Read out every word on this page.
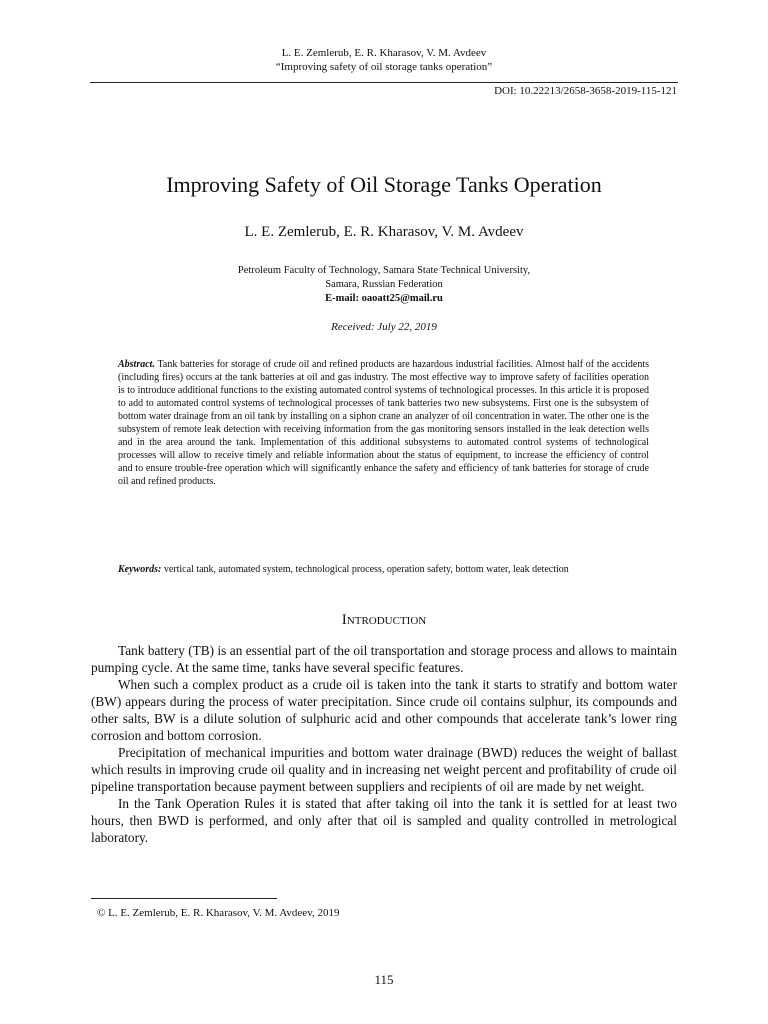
L. E. Zemlerub, E. R. Kharasov, V. M. Avdeev
“Improving safety of oil storage tanks operation”
DOI: 10.22213/2658-3658-2019-115-121
Improving Safety of Oil Storage Tanks Operation
L. E. Zemlerub, E. R. Kharasov, V. M. Avdeev
Petroleum Faculty of Technology, Samara State Technical University,
Samara, Russian Federation
E-mail: oaoatt25@mail.ru
Received: July 22, 2019

Abstract. Tank batteries for storage of crude oil and refined products are hazardous industrial facilities. Almost half of the accidents (including fires) occurs at the tank batteries at oil and gas industry. The most effective way to improve safety of facilities operation is to introduce additional functions to the existing automated control systems of technological processes. In this article it is proposed to add to automated control systems of technological processes of tank batteries two new subsystems. First one is the subsystem of bottom water drainage from an oil tank by installing on a siphon crane an analyzer of oil concentration in water. The other one is the subsystem of remote leak detection with receiving information from the gas monitoring sensors installed in the leak detection wells and in the area around the tank. Implementation of this additional subsystems to automated control systems of technological processes will allow to receive timely and reliable information about the status of equipment, to increase the efficiency of control and to ensure trouble-free operation which will significantly enhance the safety and efficiency of tank batteries for storage of crude oil and refined products.

Keywords: vertical tank, automated system, technological process, operation safety, bottom water, leak detection

Introduction

Tank battery (TB) is an essential part of the oil transportation and storage process and allows to maintain pumping cycle. At the same time, tanks have several specific features.

When such a complex product as a crude oil is taken into the tank it starts to stratify and bottom water (BW) appears during the process of water precipitation. Since crude oil contains sulphur, its compounds and other salts, BW is a dilute solution of sulphuric acid and other compounds that accelerate tank’s lower ring corrosion and bottom corrosion.

Precipitation of mechanical impurities and bottom water drainage (BWD) reduces the weight of ballast which results in improving crude oil quality and in increasing net weight percent and profitability of crude oil pipeline transportation because payment between suppliers and recipients of oil are made by net weight.

In the Tank Operation Rules it is stated that after taking oil into the tank it is settled for at least two hours, then BWD is performed, and only after that oil is sampled and quality controlled in metrological laboratory.

© L. E. Zemlerub, E. R. Kharasov, V. M. Avdeev, 2019
115
